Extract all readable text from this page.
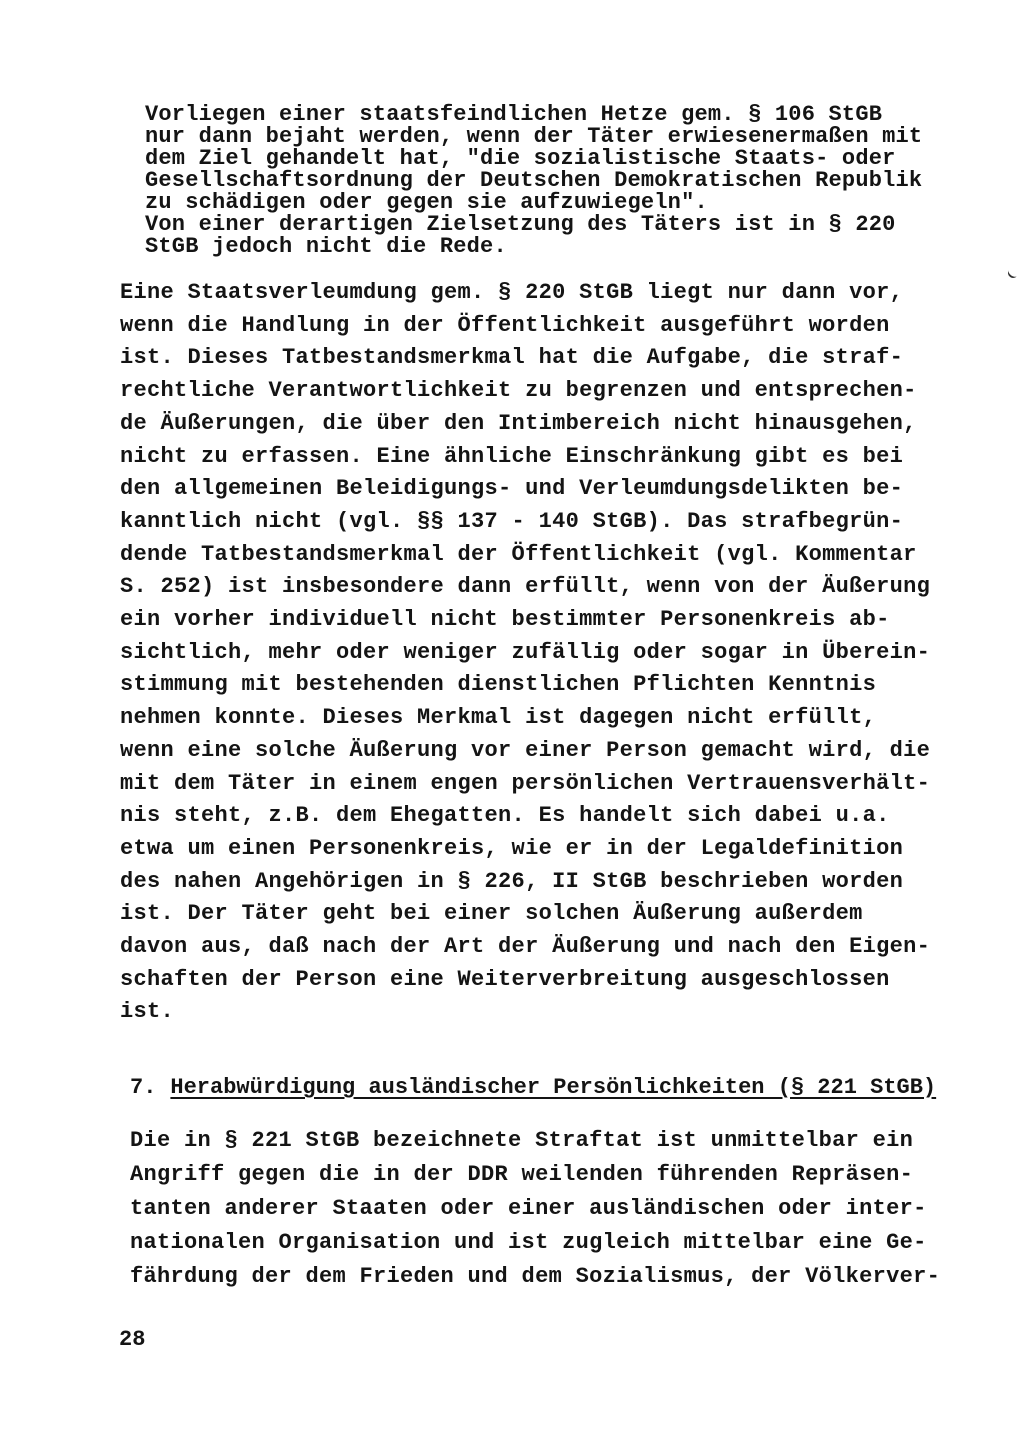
Vorliegen einer staatsfeindlichen Hetze gem. § 106 StGB
nur dann bejaht werden, wenn der Täter erwiesenermaßen mit
dem Ziel gehandelt hat, "die sozialistische Staats- oder
Gesellschaftsordnung der Deutschen Demokratischen Republik
zu schädigen oder gegen sie aufzuwiegeln".
Von einer derartigen Zielsetzung des Täters ist in § 220
StGB jedoch nicht die Rede.
Eine Staatsverleumdung gem. § 220 StGB liegt nur dann vor,
wenn die Handlung in der Öffentlichkeit ausgeführt worden
ist. Dieses Tatbestandsmerkmal hat die Aufgabe, die straf-
rechtliche Verantwortlichkeit zu begrenzen und entsprechen-
de Äußerungen, die über den Intimbereich nicht hinausgehen,
nicht zu erfassen. Eine ähnliche Einschränkung gibt es bei
den allgemeinen Beleidigungs- und Verleumdungsdelikten be-
kanntlich nicht (vgl. §§ 137 - 140 StGB). Das strafbegrün-
dende Tatbestandsmerkmal der Öffentlichkeit (vgl. Kommentar
S. 252) ist insbesondere dann erfüllt, wenn von der Äußerung
ein vorher individuell nicht bestimmter Personenkreis ab-
sichtlich, mehr oder weniger zufällig oder sogar in Überein-
stimmung mit bestehenden dienstlichen Pflichten Kenntnis
nehmen konnte. Dieses Merkmal ist dagegen nicht erfüllt,
wenn eine solche Äußerung vor einer Person gemacht wird, die
mit dem Täter in einem engen persönlichen Vertrauensverhält-
nis steht, z.B. dem Ehegatten. Es handelt sich dabei u.a.
etwa um einen Personenkreis, wie er in der Legaldefinition
des nahen Angehörigen in § 226, II StGB beschrieben worden
ist. Der Täter geht bei einer solchen Äußerung außerdem
davon aus, daß nach der Art der Äußerung und nach den Eigen-
schaften der Person eine Weiterverbreitung ausgeschlossen
ist.
7. Herabwürdigung ausländischer Persönlichkeiten (§ 221 StGB)
Die in § 221 StGB bezeichnete Straftat ist unmittelbar ein
Angriff gegen die in der DDR weilenden führenden Repräsen-
tanten anderer Staaten oder einer ausländischen oder inter-
nationalen Organisation und ist zugleich mittelbar eine Ge-
fährdung der dem Frieden und dem Sozialismus, der Völkerver-
28
